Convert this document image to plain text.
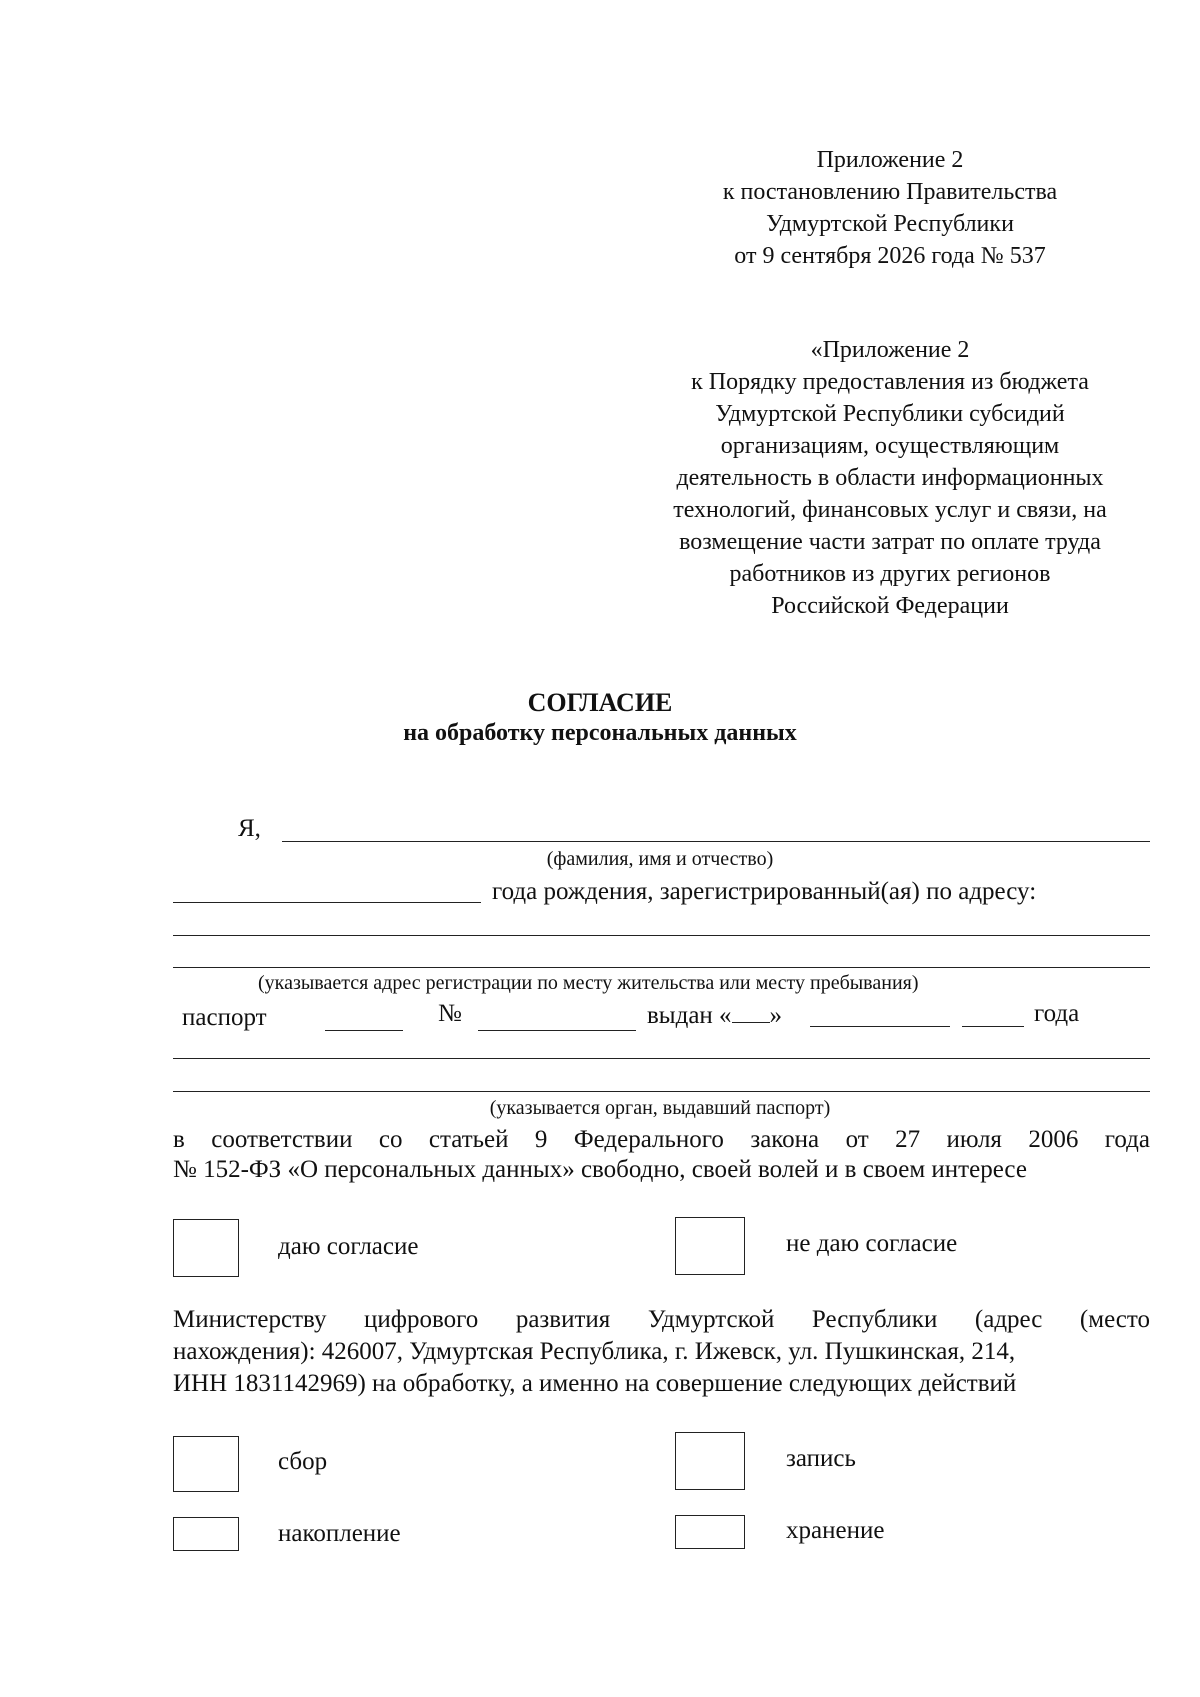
Приложение 2
к постановлению Правительства
Удмуртской Республики
от 9 сентября 2026 года № 537
«Приложение 2
к Порядку предоставления из бюджета
Удмуртской Республики субсидий
организациям, осуществляющим
деятельность в области информационных
технологий, финансовых услуг и связи, на
возмещение части затрат по оплате труда
работников из других регионов
Российской Федерации
СОГЛАСИЕ
на обработку персональных данных
Я,
(фамилия, имя и отчество)
года рождения, зарегистрированный(ая) по адресу:
(указывается адрес регистрации по месту жительства или месту пребывания)
паспорт	№	выдан « »	года
(указывается орган, выдавший паспорт)
в соответствии со статьей 9 Федерального закона от 27 июля 2006 года
№ 152-ФЗ «О персональных данных» свободно, своей волей и в своем интересе
даю согласие	не даю согласие
Министерству цифрового развития Удмуртской Республики (адрес (место
нахождения): 426007, Удмуртская Республика, г. Ижевск, ул. Пушкинская, 214,
ИНН 1831142969) на обработку, а именно на совершение следующих действий
сбор	запись
накопление	хранение
